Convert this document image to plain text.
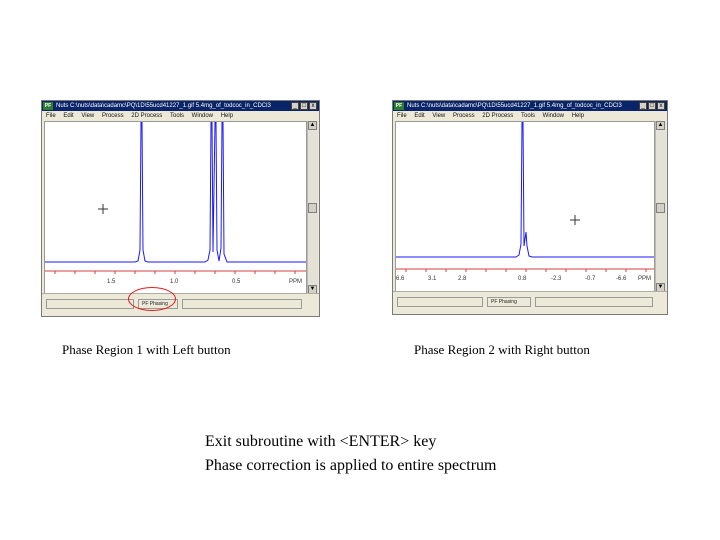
PF Nuts C:\nuts\data\cadamc\PQ\1D\55ucd41227_1.gif 5.4mg_of_todcoc_in_CDCl3	_ □ x
File Edit View Process 2D Process Tools Window Help
1.5	1.0	0.5	PPM
▲
▼
PF Phasing
PF Nuts C:\nuts\data\cadamc\PQ\1D\55ucd41227_1.gif 5.4mg_of_todcoc_in_CDCl3	_ □ x
File Edit View Process 2D Process Tools Window Help
6.6	3.1	2.8	0.8	-2.3	-0.7	-6.6 PPM
▲
▼
PF Phasing
Phase Region 1 with Left button	Phase Region 2 with Right button
Exit subroutine with <ENTER> key
Phase correction is applied to entire spectrum
